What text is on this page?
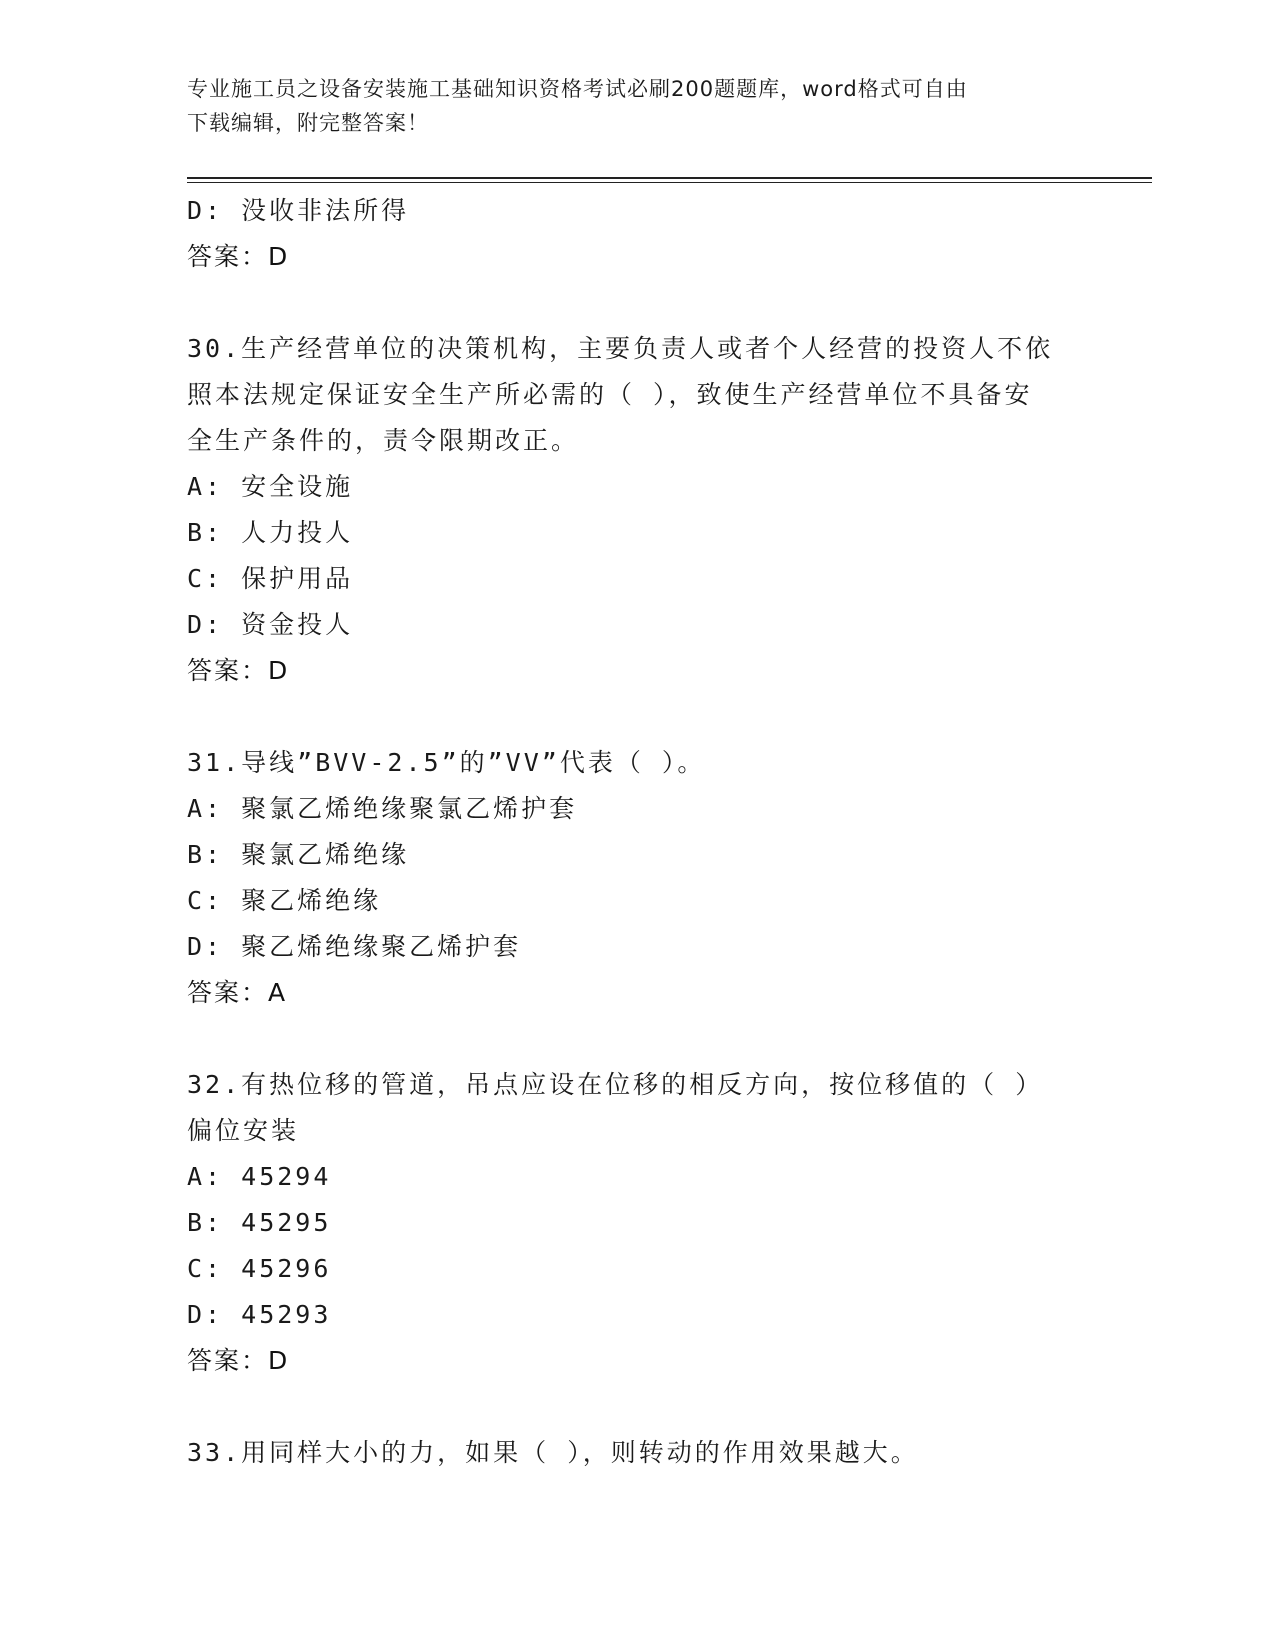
专业施工员之设备安装施工基础知识资格考试必刷200题题库，word格式可自由
下载编辑，附完整答案！
D: 没收非法所得
答案：D
30.生产经营单位的决策机构，主要负责人或者个人经营的投资人不依
照本法规定保证安全生产所必需的（ ），致使生产经营单位不具备安
全生产条件的，责令限期改正。
A: 安全设施
B: 人力投人
C: 保护用品
D: 资金投人
答案：D
31.导线”BVV-2.5”的”VV”代表（ ）。
A: 聚氯乙烯绝缘聚氯乙烯护套
B: 聚氯乙烯绝缘
C: 聚乙烯绝缘
D: 聚乙烯绝缘聚乙烯护套
答案：A
32.有热位移的管道，吊点应设在位移的相反方向，按位移值的（ ）
偏位安装
A: 45294
B: 45295
C: 45296
D: 45293
答案：D
33.用同样大小的力，如果（ ），则转动的作用效果越大。
